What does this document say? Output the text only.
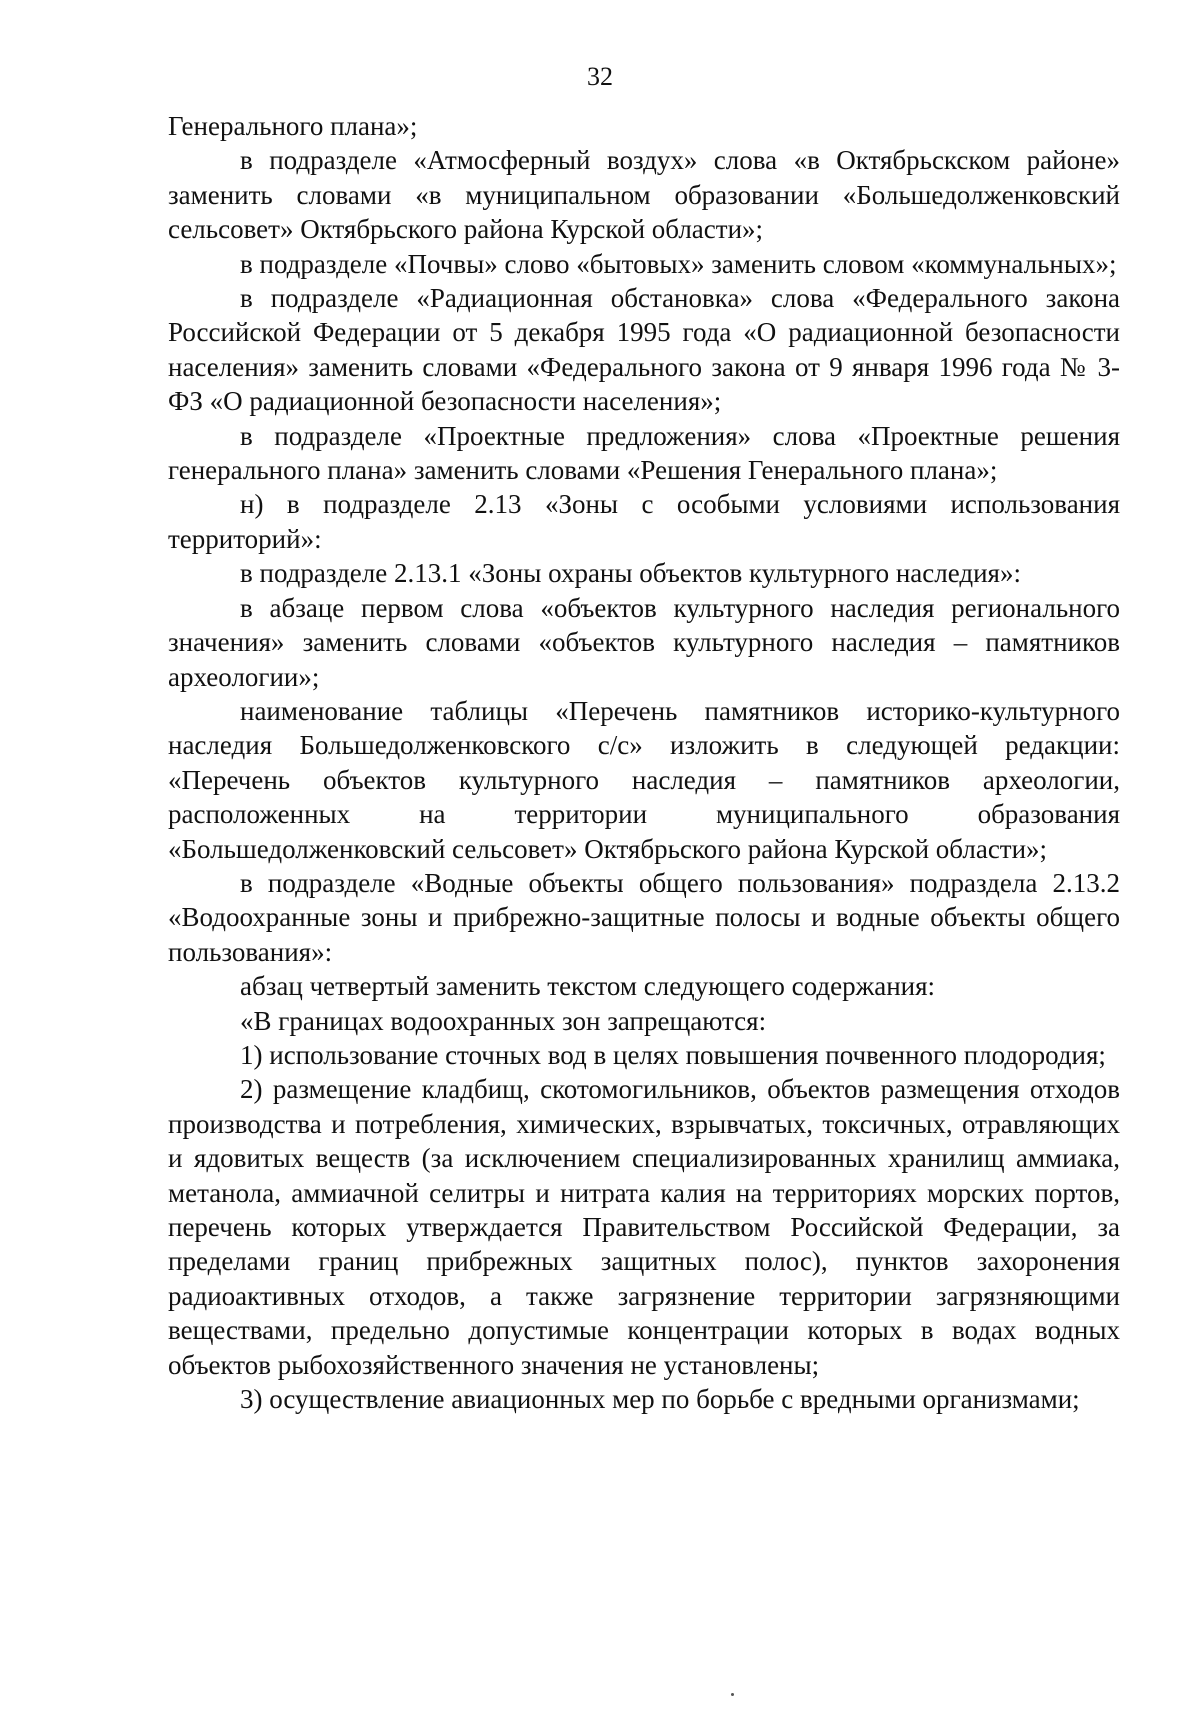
32

Генерального плана»;

в подразделе «Атмосферный воздух» слова «в Октябрьскском районе» заменить словами «в муниципальном образовании «Большедолженковский сельсовет» Октябрьского района Курской области»;

в подразделе «Почвы» слово «бытовых» заменить словом «коммунальных»;

в подразделе «Радиационная обстановка» слова «Федерального закона Российской Федерации от 5 декабря 1995 года «О радиационной безопасности населения» заменить словами «Федерального закона от 9 января 1996 года № 3-ФЗ «О радиационной безопасности населения»;

в подразделе «Проектные предложения» слова «Проектные решения генерального плана» заменить словами «Решения Генерального плана»;

н) в подразделе 2.13 «Зоны с особыми условиями использования территорий»:

в подразделе 2.13.1 «Зоны охраны объектов культурного наследия»:

в абзаце первом слова «объектов культурного наследия регионального значения» заменить словами «объектов культурного наследия – памятников археологии»;

наименование таблицы «Перечень памятников историко-культурного наследия Большедолженковского с/с» изложить в следующей редакции: «Перечень объектов культурного наследия – памятников археологии, расположенных на территории муниципального образования «Большедолженковский сельсовет» Октябрьского района Курской области»;

в подразделе «Водные объекты общего пользования» подраздела 2.13.2 «Водоохранные зоны и прибрежно-защитные полосы и водные объекты общего пользования»:

абзац четвертый заменить текстом следующего содержания:

«В границах водоохранных зон запрещаются:

1) использование сточных вод в целях повышения почвенного плодородия;

2) размещение кладбищ, скотомогильников, объектов размещения отходов производства и потребления, химических, взрывчатых, токсичных, отравляющих и ядовитых веществ (за исключением специализированных хранилищ аммиака, метанола, аммиачной селитры и нитрата калия на территориях морских портов, перечень которых утверждается Правительством Российской Федерации, за пределами границ прибрежных защитных полос), пунктов захоронения радиоактивных отходов, а также загрязнение территории загрязняющими веществами, предельно допустимые концентрации которых в водах водных объектов рыбохозяйственного значения не установлены;

3) осуществление авиационных мер по борьбе с вредными организмами;
